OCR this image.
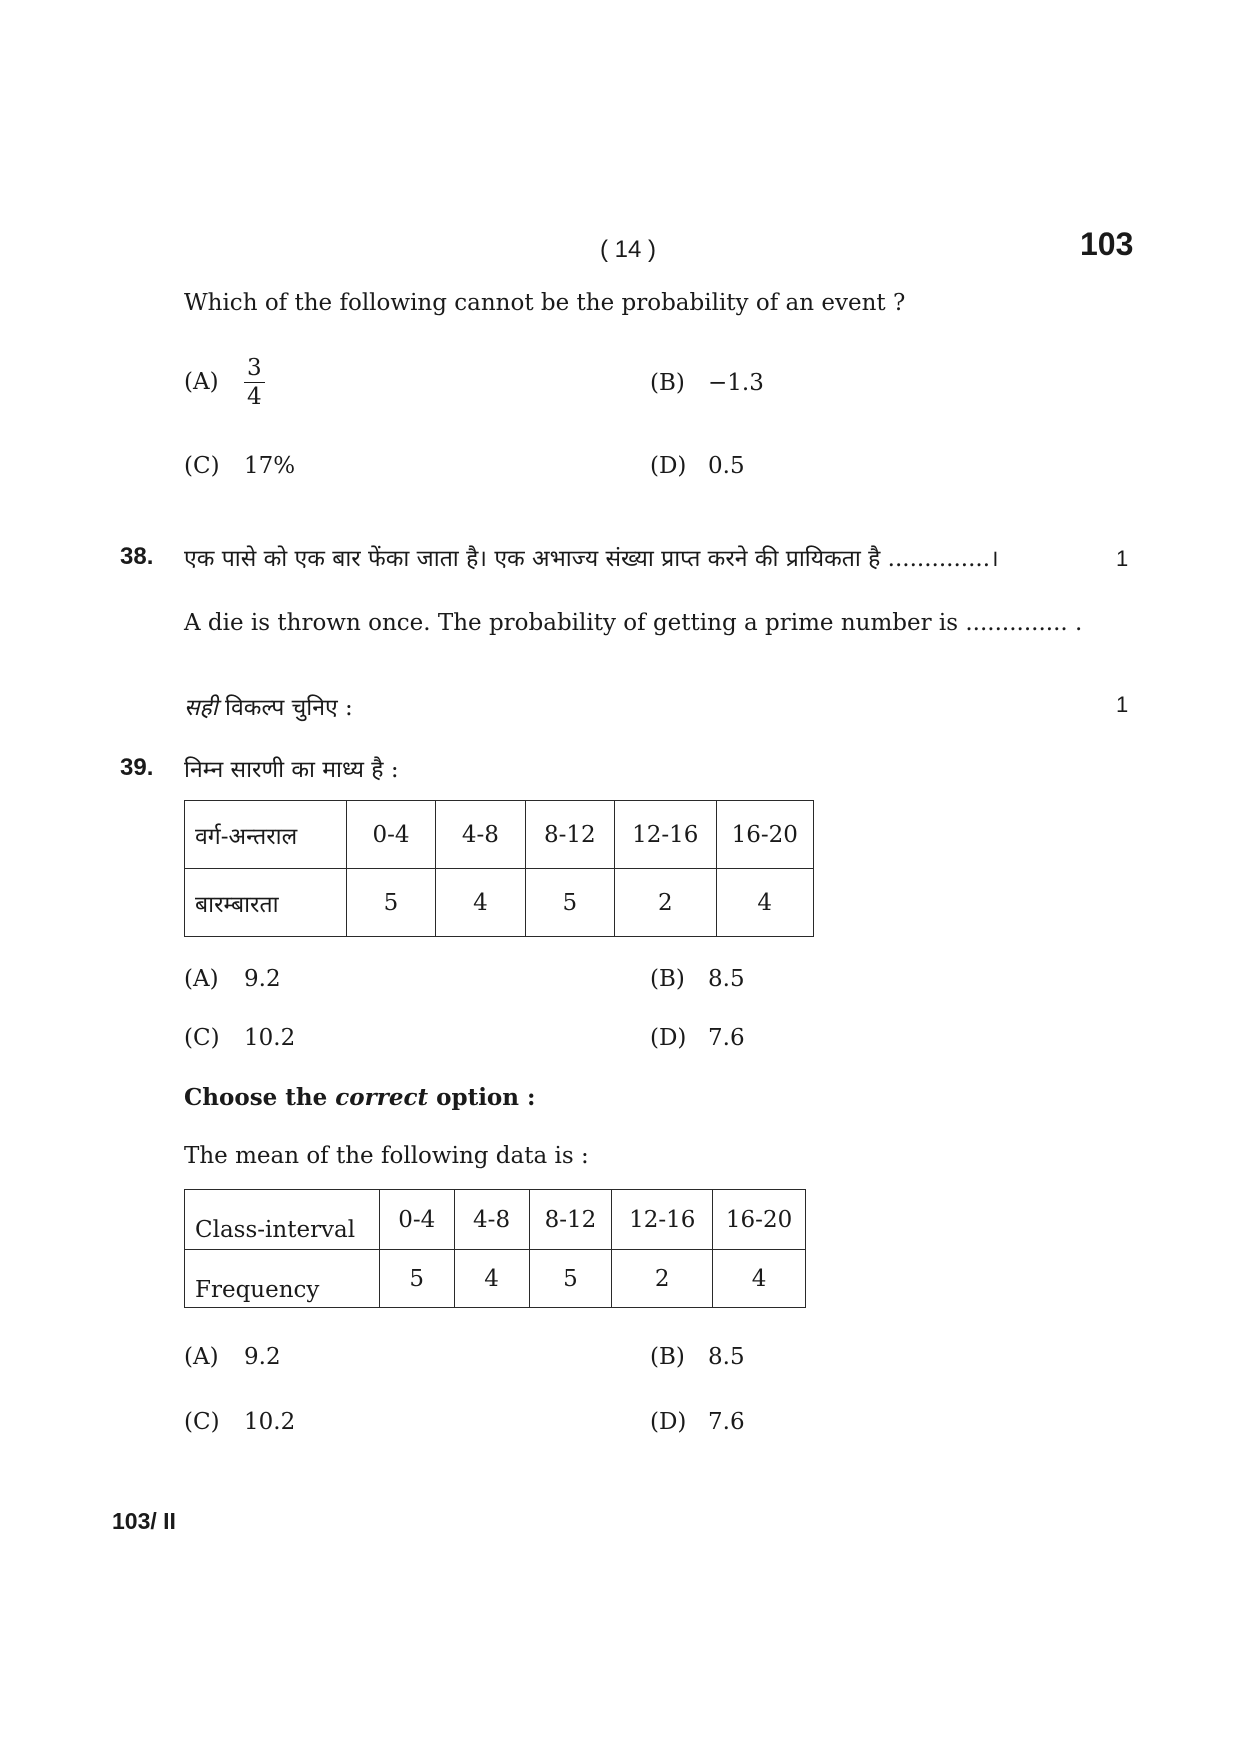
( 14 )	103
Which of the following cannot be the probability of an event ?
$(A) \frac{3}{4}$	(B) −1.3
(C) 17%	(D) 0.5
38. एक पासे को एक बार फेंका जाता है। एक अभाज्य संख्या प्राप्त करने की प्रायिकता है ..............।	1
A die is thrown once. The probability of getting a prime number is .............. .
सही विकल्प चुनिए :	1
39. निम्न सारणी का माध्य है :
वर्ग-अन्तराल	0-4	4-8	8-12	12-16	16-20
बारम्बारता	5	4	5	2	4
(A) 9.2	(B) 8.5
(C) 10.2	(D) 7.6
Choose the correct option :
The mean of the following data is :
Class-interval	0-4	4-8	8-12	12-16	16-20
Frequency	5	4	5	2	4
(A) 9.2	(B) 8.5
(C) 10.2	(D) 7.6
103/ II
